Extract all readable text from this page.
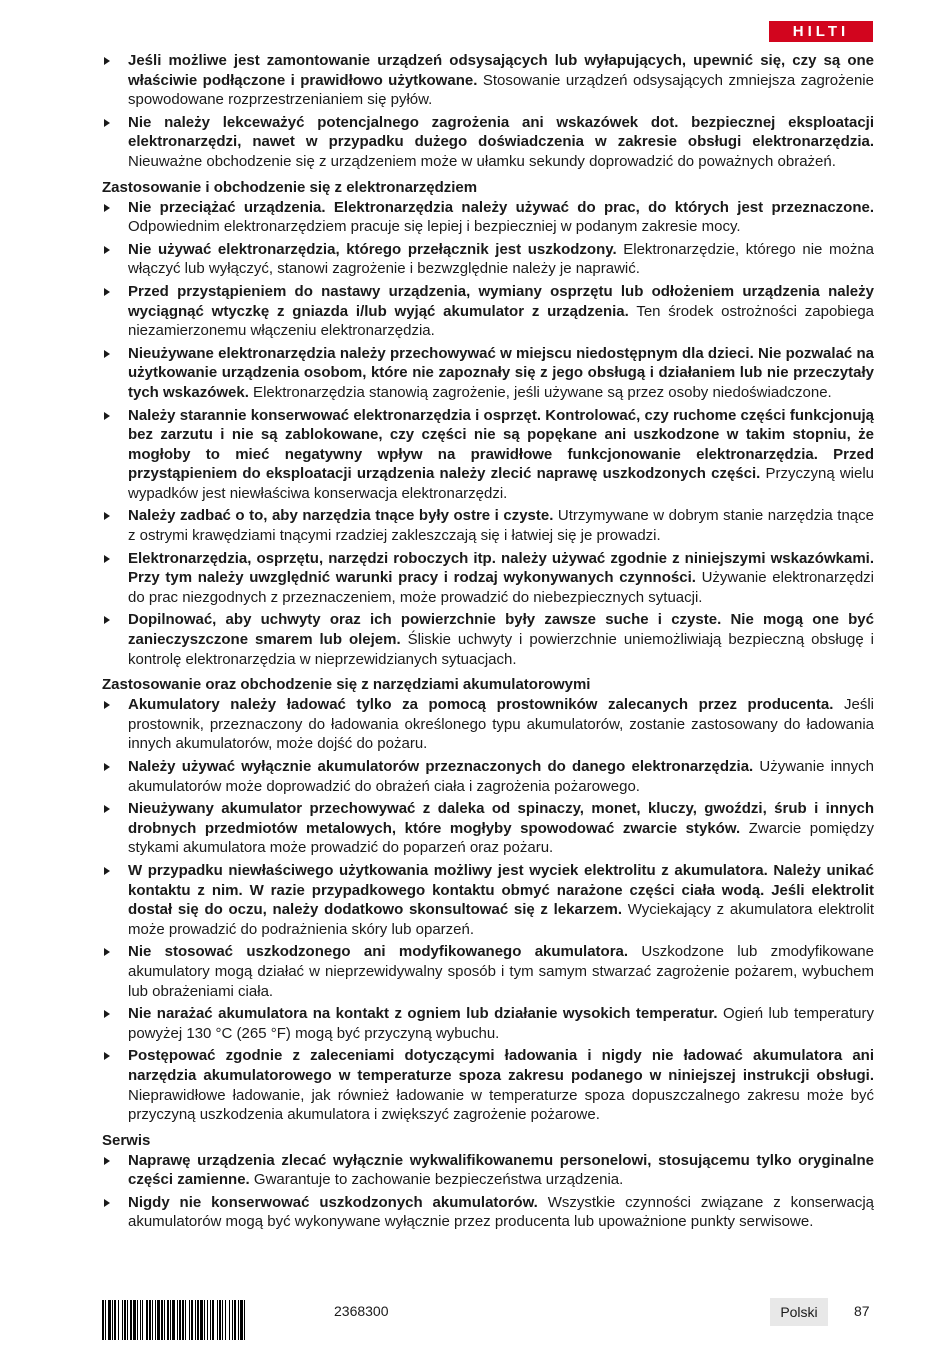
HILTI
Jeśli możliwe jest zamontowanie urządzeń odsysających lub wyłapujących, upewnić się, czy są one właściwie podłączone i prawidłowo użytkowane. Stosowanie urządzeń odsysających zmniejsza zagrożenie spowodowane rozprzestrzenianiem się pyłów.
Nie należy lekceważyć potencjalnego zagrożenia ani wskazówek dot. bezpiecznej eksploatacji elektronarzędzi, nawet w przypadku dużego doświadczenia w zakresie obsługi elektronarzędzia. Nieuważne obchodzenie się z urządzeniem może w ułamku sekundy doprowadzić do poważnych obrażeń.
Zastosowanie i obchodzenie się z elektronarzędziem
Nie przeciążać urządzenia. Elektronarzędzia należy używać do prac, do których jest przeznaczone. Odpowiednim elektronarzędziem pracuje się lepiej i bezpieczniej w podanym zakresie mocy.
Nie używać elektronarzędzia, którego przełącznik jest uszkodzony. Elektronarzędzie, którego nie można włączyć lub wyłączyć, stanowi zagrożenie i bezwzględnie należy je naprawić.
Przed przystąpieniem do nastawy urządzenia, wymiany osprzętu lub odłożeniem urządzenia należy wyciągnąć wtyczkę z gniazda i/lub wyjąć akumulator z urządzenia. Ten środek ostrożności zapobiega niezamierzonemu włączeniu elektronarzędzia.
Nieużywane elektronarzędzia należy przechowywać w miejscu niedostępnym dla dzieci. Nie pozwalać na użytkowanie urządzenia osobom, które nie zapoznały się z jego obsługą i działaniem lub nie przeczytały tych wskazówek. Elektronarzędzia stanowią zagrożenie, jeśli używane są przez osoby niedoświadczone.
Należy starannie konserwować elektronarzędzia i osprzęt. Kontrolować, czy ruchome części funkcjonują bez zarzutu i nie są zablokowane, czy części nie są popękane ani uszkodzone w takim stopniu, że mogłoby to mieć negatywny wpływ na prawidłowe funkcjonowanie elektronarzędzia. Przed przystąpieniem do eksploatacji urządzenia należy zlecić naprawę uszkodzonych części. Przyczyną wielu wypadków jest niewłaściwa konserwacja elektronarzędzi.
Należy zadbać o to, aby narzędzia tnące były ostre i czyste. Utrzymywane w dobrym stanie narzędzia tnące z ostrymi krawędziami tnącymi rzadziej zakleszczają się i łatwiej się je prowadzi.
Elektronarzędzia, osprzętu, narzędzi roboczych itp. należy używać zgodnie z niniejszymi wskazówkami. Przy tym należy uwzględnić warunki pracy i rodzaj wykonywanych czynności. Używanie elektronarzędzi do prac niezgodnych z przeznaczeniem, może prowadzić do niebezpiecznych sytuacji.
Dopilnować, aby uchwyty oraz ich powierzchnie były zawsze suche i czyste. Nie mogą one być zanieczyszczone smarem lub olejem. Śliskie uchwyty i powierzchnie uniemożliwiają bezpieczną obsługę i kontrolę elektronarzędzia w nieprzewidzianych sytuacjach.
Zastosowanie oraz obchodzenie się z narzędziami akumulatorowymi
Akumulatory należy ładować tylko za pomocą prostowników zalecanych przez producenta. Jeśli prostownik, przeznaczony do ładowania określonego typu akumulatorów, zostanie zastosowany do ładowania innych akumulatorów, może dojść do pożaru.
Należy używać wyłącznie akumulatorów przeznaczonych do danego elektronarzędzia. Używanie innych akumulatorów może doprowadzić do obrażeń ciała i zagrożenia pożarowego.
Nieużywany akumulator przechowywać z daleka od spinaczy, monet, kluczy, gwoździ, śrub i innych drobnych przedmiotów metalowych, które mogłyby spowodować zwarcie styków. Zwarcie pomiędzy stykami akumulatora może prowadzić do poparzeń oraz pożaru.
W przypadku niewłaściwego użytkowania możliwy jest wyciek elektrolitu z akumulatora. Należy unikać kontaktu z nim. W razie przypadkowego kontaktu obmyć narażone części ciała wodą. Jeśli elektrolit dostał się do oczu, należy dodatkowo skonsultować się z lekarzem. Wyciekający z akumulatora elektrolit może prowadzić do podrażnienia skóry lub oparzeń.
Nie stosować uszkodzonego ani modyfikowanego akumulatora. Uszkodzone lub zmodyfikowane akumulatory mogą działać w nieprzewidywalny sposób i tym samym stwarzać zagrożenie pożarem, wybuchem lub obrażeniami ciała.
Nie narażać akumulatora na kontakt z ogniem lub działanie wysokich temperatur. Ogień lub temperatury powyżej 130 °C (265 °F) mogą być przyczyną wybuchu.
Postępować zgodnie z zaleceniami dotyczącymi ładowania i nigdy nie ładować akumulatora ani narzędzia akumulatorowego w temperaturze spoza zakresu podanego w niniejszej instrukcji obsługi. Nieprawidłowe ładowanie, jak również ładowanie w temperaturze spoza dopuszczalnego zakresu może być przyczyną uszkodzenia akumulatora i zwiększyć zagrożenie pożarowe.
Serwis
Naprawę urządzenia zlecać wyłącznie wykwalifikowanemu personelowi, stosującemu tylko oryginalne części zamienne. Gwarantuje to zachowanie bezpieczeństwa urządzenia.
Nigdy nie konserwować uszkodzonych akumulatorów. Wszystkie czynności związane z konserwacją akumulatorów mogą być wykonywane wyłącznie przez producenta lub upoważnione punkty serwisowe.
2368300	Polski	87
